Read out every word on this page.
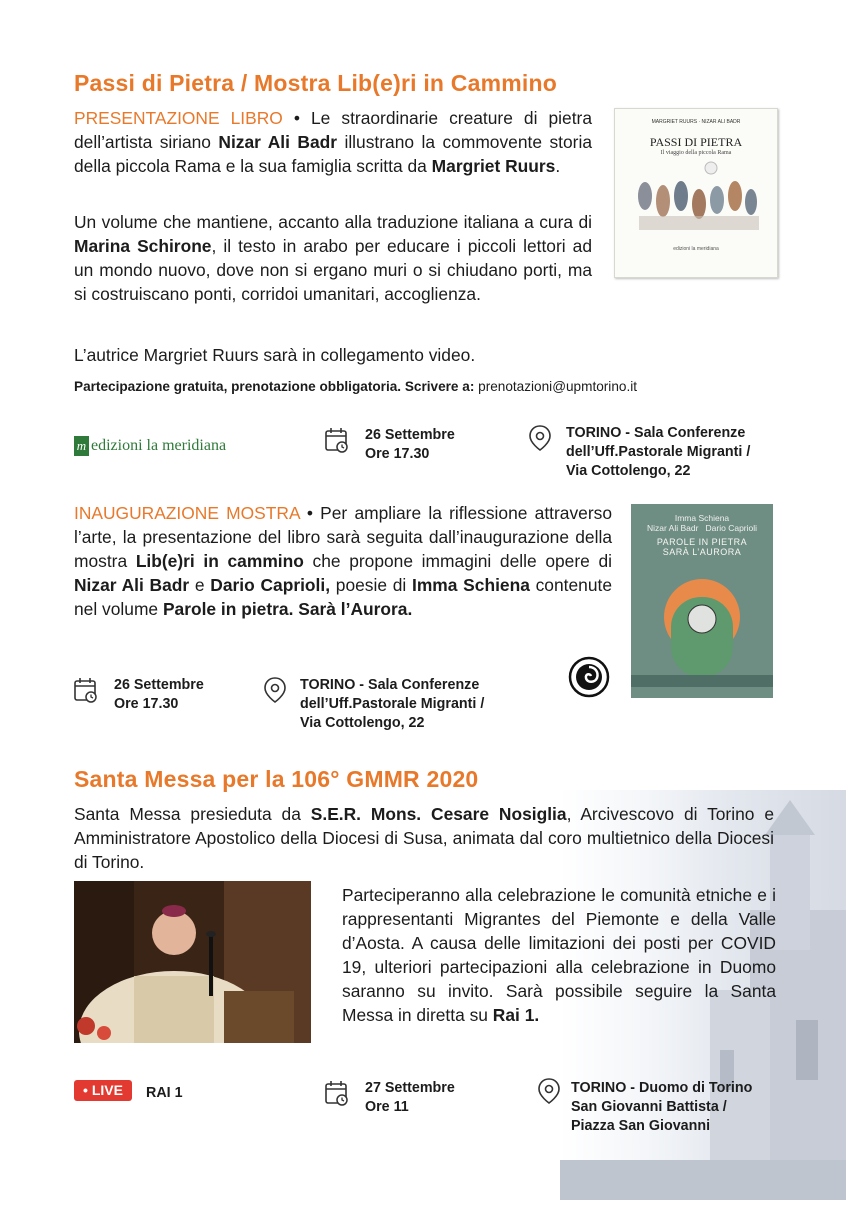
Passi di Pietra / Mostra Lib(e)ri in Cammino
PRESENTAZIONE LIBRO • Le straordinarie creature di pietra dell’artista siriano Nizar Ali Badr illustrano la commovente storia della piccola Rama e la sua famiglia scritta da Margriet Ruurs.
Un volume che mantiene, accanto alla traduzione italiana a cura di Marina Schirone, il testo in arabo per educare i piccoli lettori ad un mondo nuovo, dove non si ergano muri o si chiudano porti, ma si costruiscano ponti, corridoi umanitari, accoglienza.
L’autrice Margriet Ruurs sarà in collegamento video.
MARGRIET RUURS · NIZAR ALI BADR
PASSI DI PIETRA
Il viaggio della piccola Rama
edizioni la meridiana
Partecipazione gratuita, prenotazione obbligatoria. Scrivere a: prenotazioni@upmtorino.it
m edizioni la meridiana
26 Settembre
Ore 17.30
TORINO - Sala Conferenze
dell’Uff.Pastorale Migranti /
Via Cottolengo, 22
INAUGURAZIONE MOSTRA • Per ampliare la riflessione attraverso l’arte, la presentazione del libro sarà seguita dall’inaugurazione della mostra Lib(e)ri in cammino che propone immagini delle opere di Nizar Ali Badr e Dario Caprioli, poesie di Imma Schiena contenute nel volume Parole in pietra. Sarà l’Aurora.
Imma Schiena
Nizar Ali Badr   Dario Caprioli
PAROLE IN PIETRA
SARÀ L’AURORA
26 Settembre
Ore 17.30
TORINO - Sala Conferenze
dell’Uff.Pastorale Migranti /
Via Cottolengo, 22
Santa Messa per la 106° GMMR 2020
Santa Messa presieduta da S.E.R. Mons. Cesare Nosiglia, Arcivescovo di Torino e Amministratore Apostolico della Diocesi di Susa, animata dal coro multietnico della Diocesi di Torino.
Parteciperanno alla celebrazione le comunità etniche e i rappresentanti Migrantes del Piemonte e della Valle d’Aosta. A causa delle limitazioni dei posti per COVID 19, ulteriori partecipazioni alla celebrazione in Duomo saranno su invito. Sarà possibile seguire la Santa Messa in diretta su Rai 1.
• LIVE	RAI 1	27 Settembre
Ore 11
TORINO - Duomo di Torino
San Giovanni Battista /
Piazza San Giovanni
